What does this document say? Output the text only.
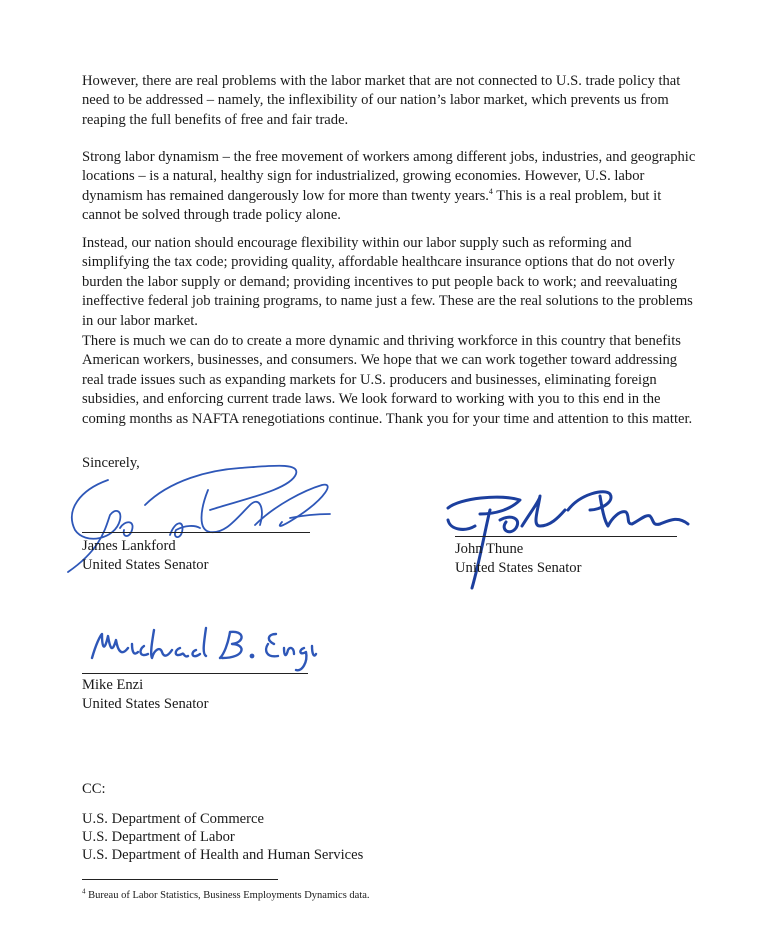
However, there are real problems with the labor market that are not connected to U.S. trade policy that need to be addressed – namely, the inflexibility of our nation’s labor market, which prevents us from reaping the full benefits of free and fair trade.

Strong labor dynamism – the free movement of workers among different jobs, industries, and geographic locations – is a natural, healthy sign for industrialized, growing economies. However, U.S. labor dynamism has remained dangerously low for more than twenty years.$^4$ This is a real problem, but it cannot be solved through trade policy alone.

Instead, our nation should encourage flexibility within our labor supply such as reforming and simplifying the tax code; providing quality, affordable healthcare insurance options that do not overly burden the labor supply or demand; providing incentives to put people back to work; and reevaluating ineffective federal job training programs, to name just a few. These are the real solutions to the problems in our labor market.

There is much we can do to create a more dynamic and thriving workforce in this country that benefits American workers, businesses, and consumers. We hope that we can work together toward addressing real trade issues such as expanding markets for U.S. producers and businesses, eliminating foreign subsidies, and enforcing current trade laws. We look forward to working with you to this end in the coming months as NAFTA renegotiations continue. Thank you for your time and attention to this matter.

Sincerely,
James Lankford
United States Senator
John Thune
United States Senator
Mike Enzi
United States Senator
CC:
U.S. Department of Commerce
U.S. Department of Labor
U.S. Department of Health and Human Services
$^4$ Bureau of Labor Statistics, Business Employments Dynamics data.
